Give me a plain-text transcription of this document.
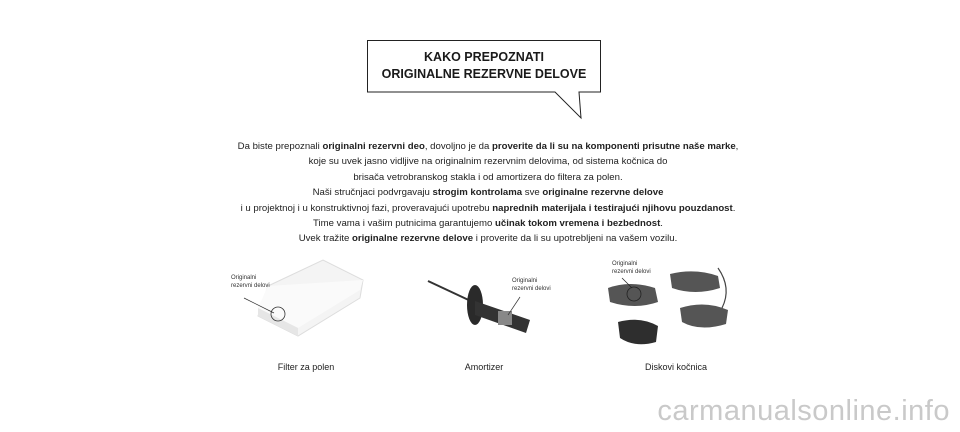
KAKO PREPOZNATI
ORIGINALNE REZERVNE DELOVE
Da biste prepoznali originalni rezervni deo, dovoljno je da proverite da li su na komponenti prisutne naše marke,
koje su uvek jasno vidljive na originalnim rezervnim delovima, od sistema kočnica do
brisača vetrobranskog stakla i od amortizera do filtera za polen.
Naši stručnjaci podvrgavaju strogim kontrolama sve originalne rezervne delove
i u projektnoj i u konstruktivnoj fazi, proveravajući upotrebu naprednih materijala i testirajući njihovu pouzdanost.
Time vama i vašim putnicima garantujemo učinak tokom vremena i bezbednost.
Uvek tražite originalne rezervne delove i proverite da li su upotrebljeni na vašem vozilu.
Originalni
rezervni delovi
Filter za polen
Originalni
rezervni delovi
Amortizer
Originalni
rezervni delovi
Diskovi kočnica
carmanualsonline.info
